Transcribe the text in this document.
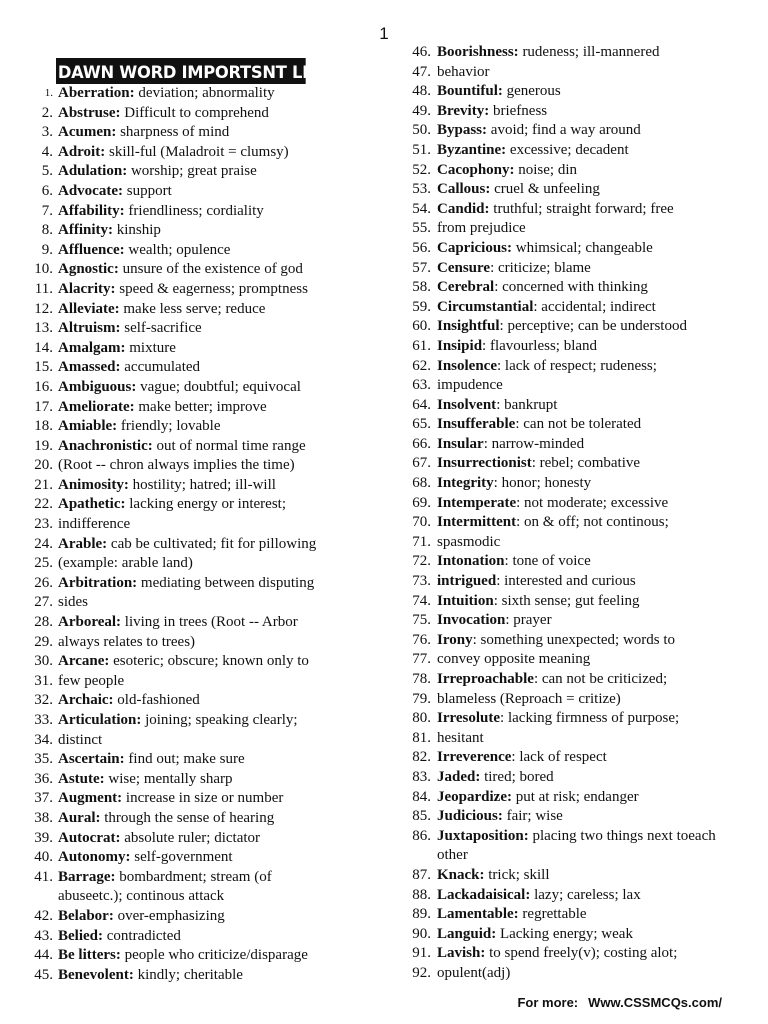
1
DAWN WORD IMPORTSNT LIST
1. Aberration: deviation; abnormality
2. Abstruse: Difficult to comprehend
3. Acumen: sharpness of mind
4. Adroit: skill-ful (Maladroit = clumsy)
5. Adulation: worship; great praise
6. Advocate: support
7. Affability: friendliness; cordiality
8. Affinity: kinship
9. Affluence: wealth; opulence
10. Agnostic: unsure of the existence of god
11. Alacrity: speed & eagerness; promptness
12. Alleviate: make less serve; reduce
13. Altruism: self-sacrifice
14. Amalgam: mixture
15. Amassed: accumulated
16. Ambiguous: vague; doubtful; equivocal
17. Ameliorate: make better; improve
18. Amiable: friendly; lovable
19. Anachronistic: out of normal time range
20. (Root -- chron always implies the time)
21. Animosity: hostility; hatred; ill-will
22. Apathetic: lacking energy or interest;
23. indifference
24. Arable: cab be cultivated; fit for pillowing
25. (example: arable land)
26. Arbitration: mediating between disputing
27. sides
28. Arboreal: living in trees (Root -- Arbor
29. always relates to trees)
30. Arcane: esoteric; obscure; known only to
31. few people
32. Archaic: old-fashioned
33. Articulation: joining; speaking clearly;
34. distinct
35. Ascertain: find out; make sure
36. Astute: wise; mentally sharp
37. Augment: increase in size or number
38. Aural: through the sense of hearing
39. Autocrat: absolute ruler; dictator
40. Autonomy: self-government
41. Barrage: bombardment; stream (of abuseetc.); continous attack
42. Belabor: over-emphasizing
43. Belied: contradicted
44. Be litters: people who criticize/disparage
45. Benevolent: kindly; cheritable
46. Boorishness: rudeness; ill-mannered
47. behavior
48. Bountiful: generous
49. Brevity: briefness
50. Bypass: avoid; find a way around
51. Byzantine: excessive; decadent
52. Cacophony: noise; din
53. Callous: cruel & unfeeling
54. Candid: truthful; straight forward; free
55. from prejudice
56. Capricious: whimsical; changeable
57. Censure: criticize; blame
58. Cerebral: concerned with thinking
59. Circumstantial: accidental; indirect
60. Insightful: perceptive; can be understood
61. Insipid: flavourless; bland
62. Insolence: lack of respect; rudeness;
63. impudence
64. Insolvent: bankrupt
65. Insufferable: can not be tolerated
66. Insular: narrow-minded
67. Insurrectionist: rebel; combative
68. Integrity: honor; honesty
69. Intemperate: not moderate; excessive
70. Intermittent: on & off; not continous;
71. spasmodic
72. Intonation: tone of voice
73. intrigued: interested and curious
74. Intuition: sixth sense; gut feeling
75. Invocation: prayer
76. Irony: something unexpected; words to
77. convey opposite meaning
78. Irreproachable: can not be criticized;
79. blameless (Reproach = critize)
80. Irresolute: lacking firmness of purpose;
81. hesitant
82. Irreverence: lack of respect
83. Jaded: tired; bored
84. Jeopardize: put at risk; endanger
85. Judicious: fair; wise
86. Juxtaposition: placing two things next toeach other
87. Knack: trick; skill
88. Lackadaisical: lazy; careless; lax
89. Lamentable: regrettable
90. Languid: Lacking energy; weak
91. Lavish: to spend freely(v); costing alot;
92. opulent(adj)
For more: Www.CSSMCQs.com/
